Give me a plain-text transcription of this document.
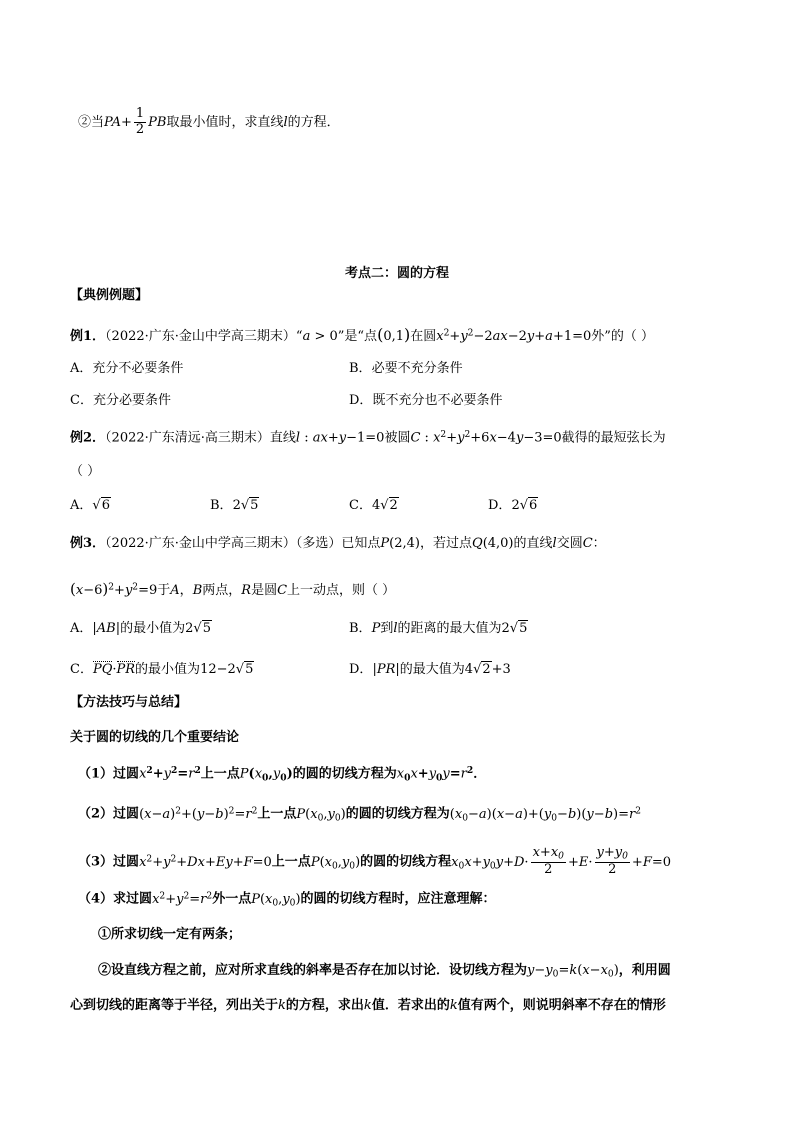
②当$PA+ \frac{1}{2}$ PB取最小值时，求直线l的方程．
考点二：圆的方程
【典例例题】
例1．（2022·广东·金山中学高三期末）“a > 0”是“点(0,1)在圆$x^2+y^2-2ax-2y+a+1=0$外”的（ ）
A．充分不必要条件	B．必要不充分条件
C．充分必要条件	D．既不充分也不必要条件
例2．（2022·广东清远·高三期末）直线l : ax+y−1=0被圆C : $x^2+y^2+6x-4y-3=0$截得的最短弦长为
（ ）
A．√6	B．2√5	C．4√2	D．2√6
例3．（2022·广东·金山中学高三期末）（多选）已知点P(2,4)，若过点Q(4,0)的直线l交圆C：
$(x-6)^2+y^2=9$于A，B两点，R是圆C上一动点，则（ ）
A．|AB|的最小值为2√5	B．P到l的距离的最大值为2√5
C．PQ·PR的最小值为12−2√5	D．|PR|的最大值为4√2+3
【方法技巧与总结】
关于圆的切线的几个重要结论
（1）过圆$x^2+y^2=r^2$上一点$P(x_0,y_0)$的圆的切线方程为$x_0x+y_0y=r^2$．
（2）过圆$(x-a)^2+(y-b)^2=r^2$上一点$P(x_0,y_0)$的圆的切线方程为$(x_0-a)(x-a)+(y_0-b)(y-b)=r^2$
（3）过圆$x^2+y^2+Dx+Ey+F=0$上一点$P(x_0,y_0)$的圆的切线方程$x_0x+y_0y+D\cdot \frac{x+x_0}{2} +E\cdot \frac{y+y_0}{2} +F=0$
（4）求过圆$x^2+y^2=r^2$外一点$P(x_0,y_0)$的圆的切线方程时，应注意理解：
①所求切线一定有两条；
②设直线方程之前，应对所求直线的斜率是否存在加以讨论．设切线方程为$y-y_0=k(x-x_0)$，利用圆
心到切线的距离等于半径，列出关于k的方程，求出k值．若求出的k值有两个，则说明斜率不存在的情形
